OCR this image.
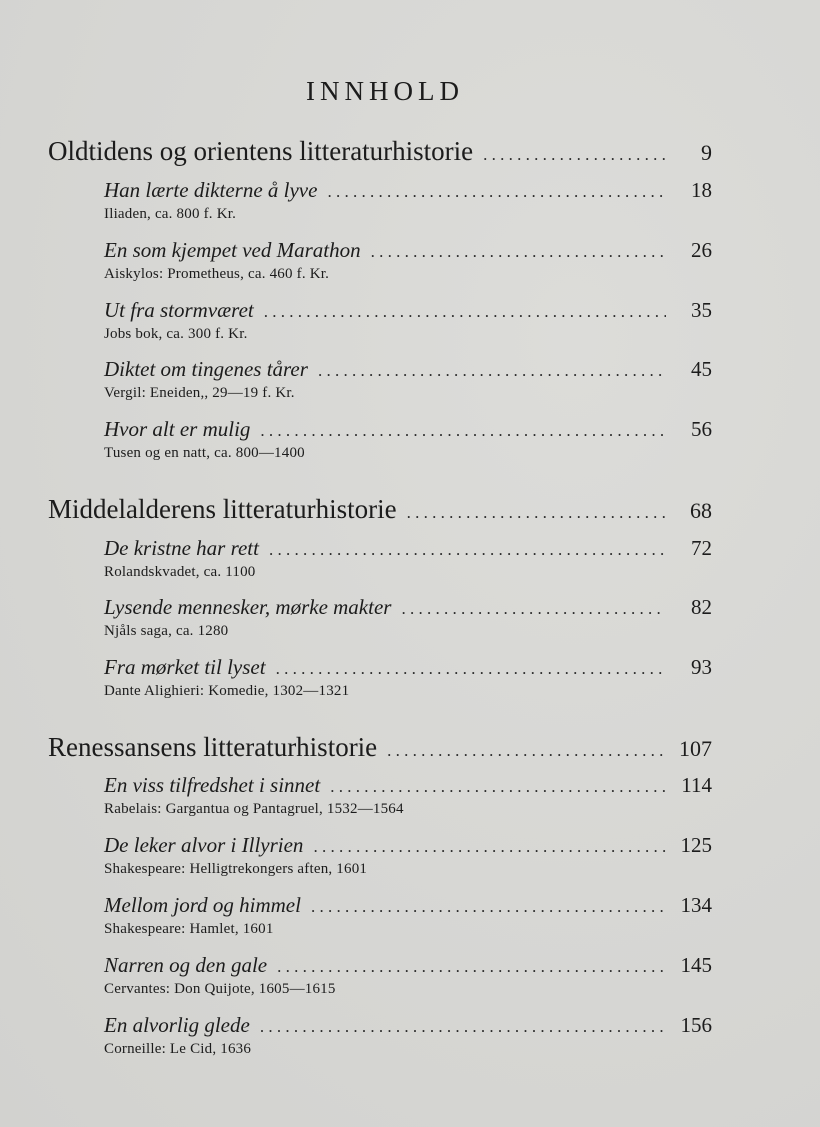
INNHOLD
Oldtidens og orientens litteraturhistorie . . .	9
Han lærte dikterne å lyve . . .	18
Iliaden, ca. 800 f. Kr.
En som kjempet ved Marathon . . .	26
Aiskylos: Prometheus, ca. 460 f. Kr.
Ut fra stormværet . . .	35
Jobs bok, ca. 300 f. Kr.
Diktet om tingenes tårer . . .	45
Vergil: Eneiden,, 29—19 f. Kr.
Hvor alt er mulig . . .	56
Tusen og en natt, ca. 800—1400
Middelalderens litteraturhistorie . . .	68
De kristne har rett . . .	72
Rolandskvadet, ca. 1100
Lysende mennesker, mørke makter . . .	82
Njåls saga, ca. 1280
Fra mørket til lyset . . .	93
Dante Alighieri: Komedie, 1302—1321
Renessansens litteraturhistorie . . .	107
En viss tilfredshet i sinnet . . .	114
Rabelais: Gargantua og Pantagruel, 1532—1564
De leker alvor i Illyrien . . .	125
Shakespeare: Helligtrekongers aften, 1601
Mellom jord og himmel . . .	134
Shakespeare: Hamlet, 1601
Narren og den gale . . .	145
Cervantes: Don Quijote, 1605—1615
En alvorlig glede . . .	156
Corneille: Le Cid, 1636
